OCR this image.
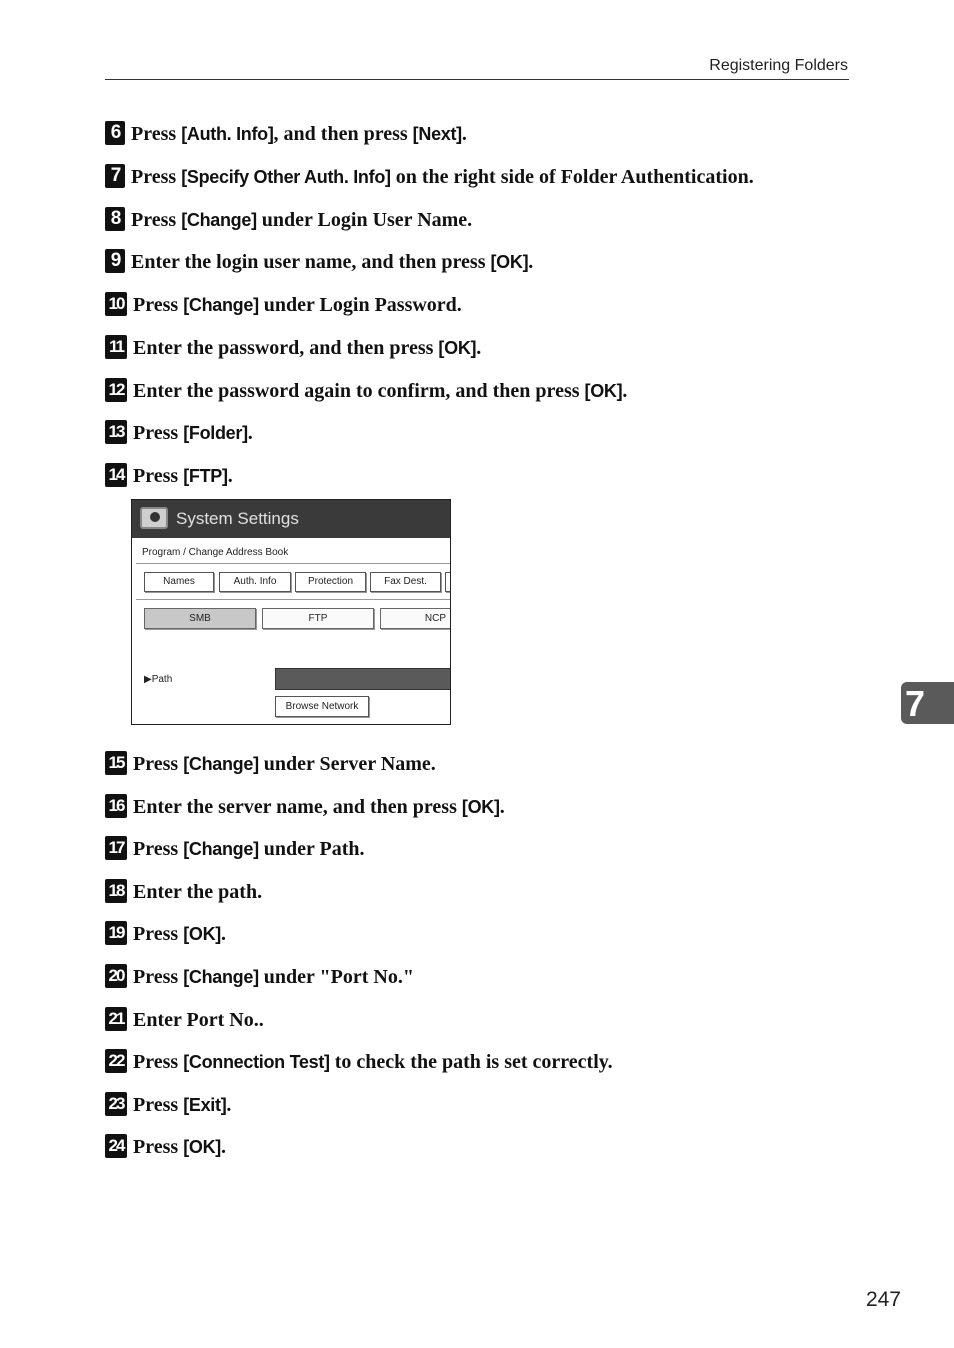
Registering Folders
6 Press [Auth. Info], and then press [Next].
7 Press [Specify Other Auth. Info] on the right side of Folder Authentication.
8 Press [Change] under Login User Name.
9 Enter the login user name, and then press [OK].
10 Press [Change] under Login Password.
11 Enter the password, and then press [OK].
12 Enter the password again to confirm, and then press [OK].
13 Press [Folder].
14 Press [FTP].
System Settings
Program / Change Address Book
Names	Auth. Info	Protection	Fax Dest.
SMB	FTP	NCP
▶Path
Browse Network
15 Press [Change] under Server Name.
16 Enter the server name, and then press [OK].
17 Press [Change] under Path.
18 Enter the path.
19 Press [OK].
20 Press [Change] under "Port No."
21 Enter Port No..
22 Press [Connection Test] to check the path is set correctly.
23 Press [Exit].
24 Press [OK].
7
247
